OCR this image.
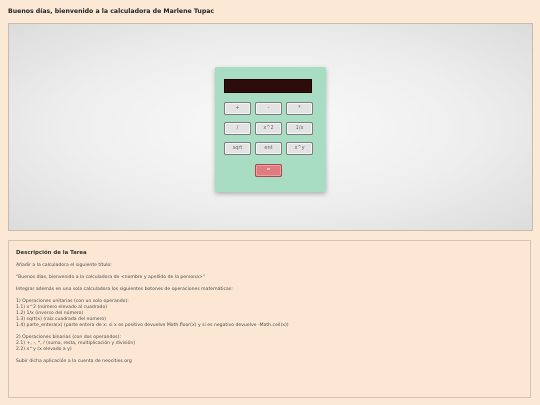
Buenos días, bienvenido a la calculadora de Marlene Tupac
+	-	*
/	x^2	1/x
sqrt	ent	x^y
=
Descripción de la Tarea

Añadir a la calculadora el siguiente título:

"Buenos días, bienvenido a la calculadora de <nombre y apellido de la persona>"

Integrar además en una sola calculadora los siguientes botones de operaciones matemáticas:

1) Operaciones unitarias (con un solo operando):
1.1) x^2 (número elevado al cuadrado)
1.2) 1/x (inverso del número)
1.3) sqrt(x) (raíz cuadrada del número)
1.4) parte_entera(x) (parte entera de x: si x es positivo devuelve Math.floor(x) y si es negativo devuelve -Math.ceil(x))
2) Operaciones binarias (con dos operandos):
2.1) +, -, *, / (suma, resta, multiplicación y división)
2.2) x^y (x elevado a y)

Subir dicha aplicación a la cuenta de neocities.org
